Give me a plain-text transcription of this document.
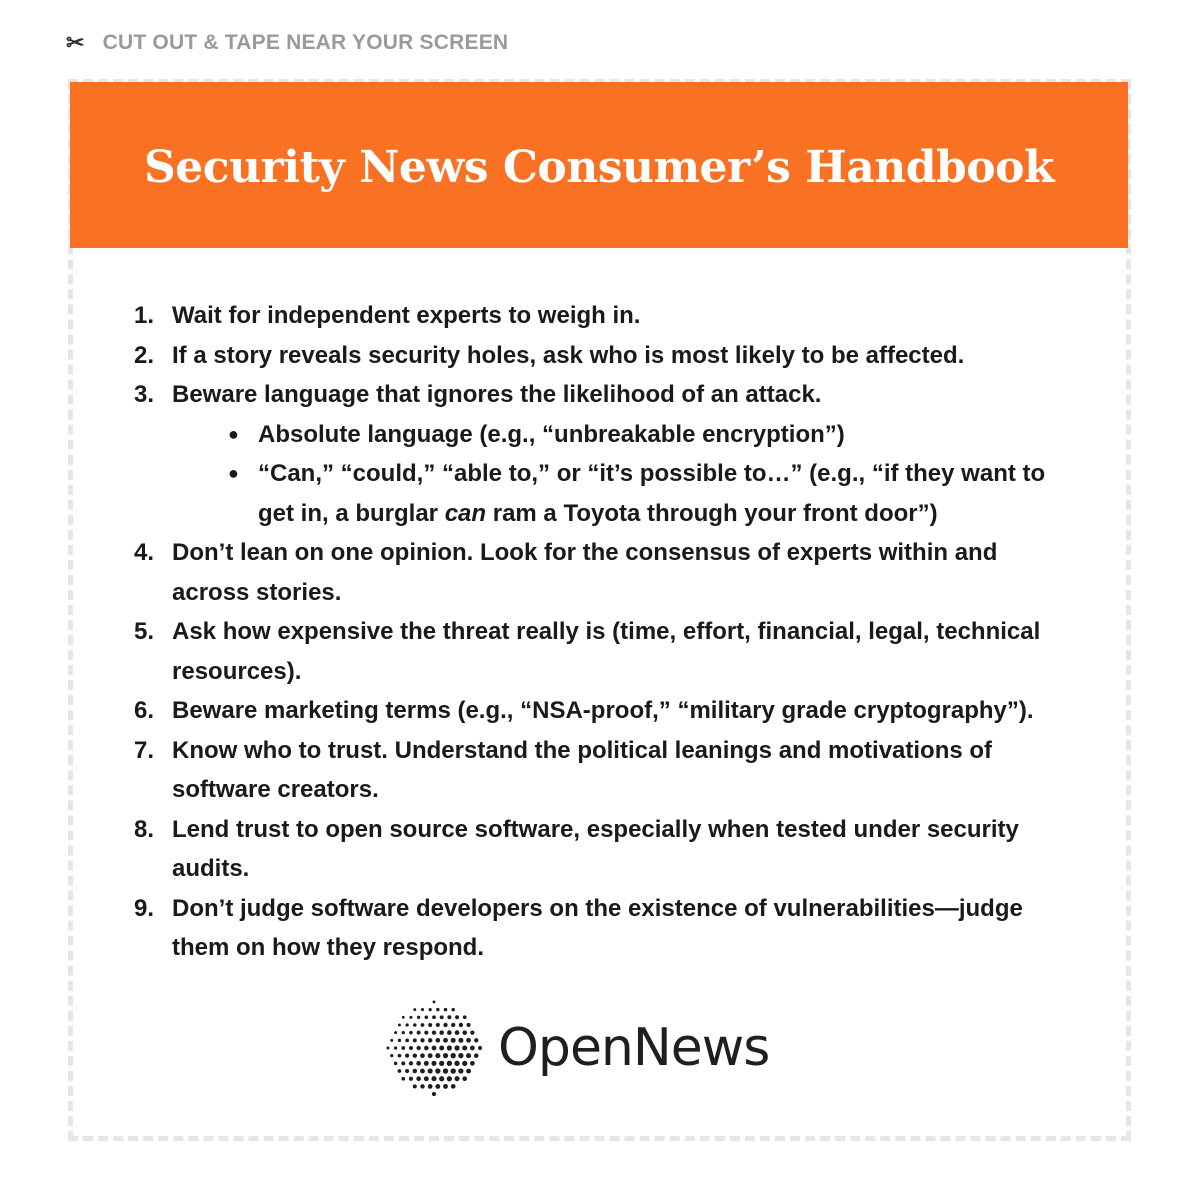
✂ CUT OUT & TAPE NEAR YOUR SCREEN
Security News Consumer’s Handbook
1. Wait for independent experts to weigh in.
2. If a story reveals security holes, ask who is most likely to be affected.
3. Beware language that ignores the likelihood of an attack.
● Absolute language (e.g., “unbreakable encryption”)
● “Can,” “could,” “able to,” or “it’s possible to…” (e.g., “if they want to get in, a burglar can ram a Toyota through your front door”)
4. Don’t lean on one opinion. Look for the consensus of experts within and across stories.
5. Ask how expensive the threat really is (time, effort, financial, legal, technical resources).
6. Beware marketing terms (e.g., “NSA-proof,” “military grade cryptography”).
7. Know who to trust. Understand the political leanings and motivations of software creators.
8. Lend trust to open source software, especially when tested under security audits.
9. Don’t judge software developers on the existence of vulnerabilities—judge them on how they respond.
OpenNews
